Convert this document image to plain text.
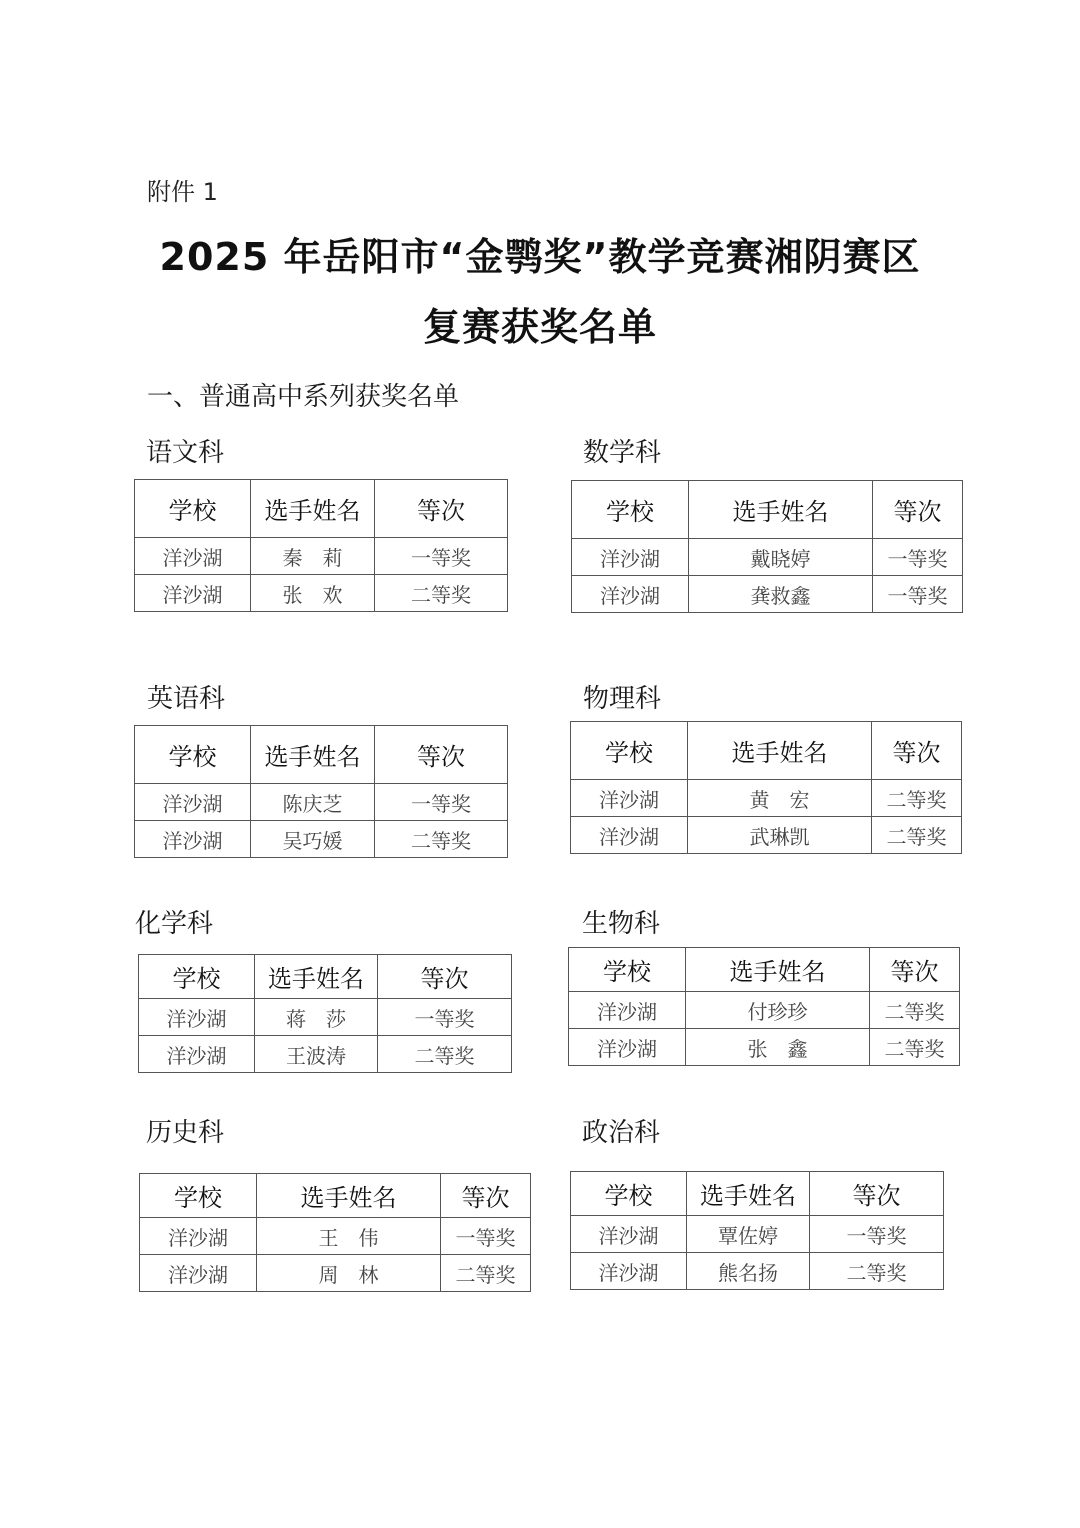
附件 1
2025 年岳阳市“金鹗奖”教学竞赛湘阴赛区
复赛获奖名单
一、普通高中系列获奖名单
语文科
学校	选手姓名	等次
洋沙湖	秦　莉	一等奖
洋沙湖	张　欢	二等奖
数学科
学校	选手姓名	等次
洋沙湖	戴晓婷	一等奖
洋沙湖	龚救鑫	一等奖
英语科
学校	选手姓名	等次
洋沙湖	陈庆芝	一等奖
洋沙湖	吴巧媛	二等奖
物理科
学校	选手姓名	等次
洋沙湖	黄　宏	二等奖
洋沙湖	武琳凯	二等奖
化学科
学校	选手姓名	等次
洋沙湖	蒋　莎	一等奖
洋沙湖	王波涛	二等奖
生物科
学校	选手姓名	等次
洋沙湖	付珍珍	二等奖
洋沙湖	张　鑫	二等奖
历史科
学校	选手姓名	等次
洋沙湖	王　伟	一等奖
洋沙湖	周　林	二等奖
政治科
学校	选手姓名	等次
洋沙湖	覃佐婷	一等奖
洋沙湖	熊名扬	二等奖
